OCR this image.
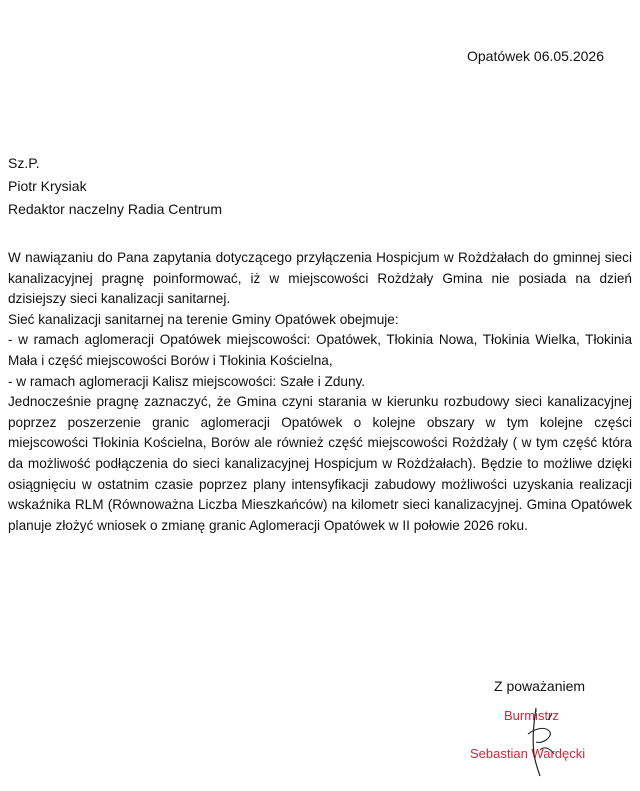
Opatówek 06.05.2026
Sz.P.
Piotr Krysiak
Redaktor naczelny Radia Centrum

W nawiązaniu do Pana zapytania dotyczącego przyłączenia Hospicjum w Rożdżałach do gminnej sieci kanalizacyjnej pragnę poinformować, iż w miejscowości Rożdżały Gmina nie posiada na dzień dzisiejszy sieci kanalizacji sanitarnej.

Sieć kanalizacji sanitarnej na terenie Gminy Opatówek obejmuje:

- w ramach aglomeracji Opatówek miejscowości: Opatówek, Tłokinia Nowa, Tłokinia Wielka, Tłokinia Mała i część miejscowości Borów i Tłokinia Kościelna,

- w ramach aglomeracji Kalisz miejscowości: Szałe i Zduny.

Jednocześnie pragnę zaznaczyć, że Gmina czyni starania w kierunku rozbudowy sieci kanalizacyjnej poprzez poszerzenie granic aglomeracji Opatówek o kolejne obszary w tym kolejne części miejscowości Tłokinia Kościelna, Borów ale również część miejscowości Rożdżały ( w tym część która da możliwość podłączenia do sieci kanalizacyjnej Hospicjum w Rożdżałach). Będzie to możliwe dzięki osiągnięciu w ostatnim czasie poprzez plany intensyfikacji zabudowy możliwości uzyskania realizacji wskaźnika RLM (Równoważna Liczba Mieszkańców) na kilometr sieci kanalizacyjnej. Gmina Opatówek planuje złożyć wniosek o zmianę granic Aglomeracji Opatówek w II połowie 2026 roku.

Z poważaniem
Burmistrz
Sebastian Wardęcki
